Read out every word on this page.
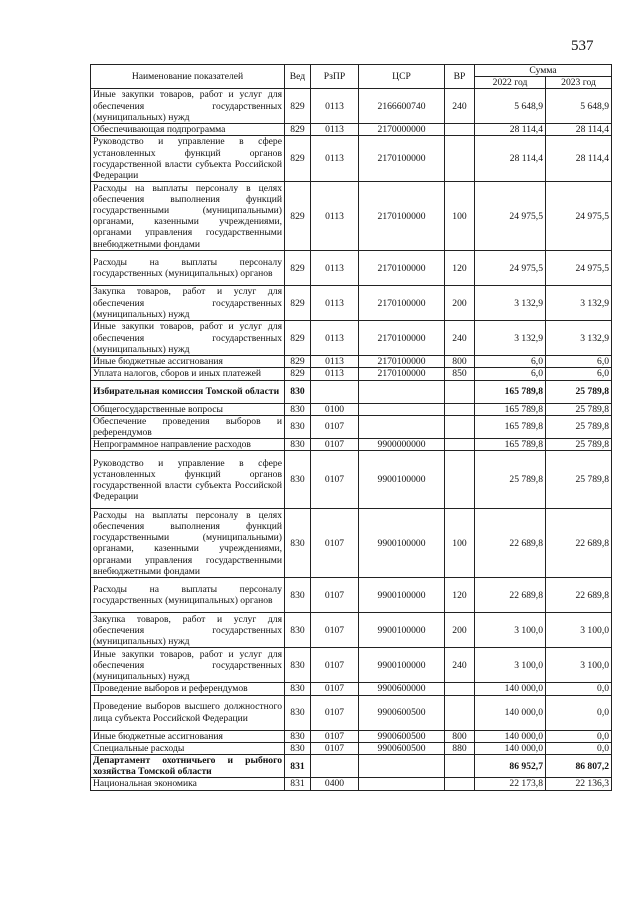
537
Наименование показателей	Вед	РзПР	ЦСР	ВР	Сумма	
					2022 год	2023 год
Иные закупки товаров, работ и услуг для обеспечения государственных (муниципальных) нужд	829	0113	2166600740	240	5 648,9	5 648,9
Обеспечивающая подпрограмма	829	0113	2170000000		28 114,4	28 114,4
Руководство и управление в сфере установленных функций органов государственной власти субъекта Российской Федерации	829	0113	2170100000		28 114,4	28 114,4
Расходы на выплаты персоналу в целях обеспечения выполнения функций государственными (муниципальными) органами, казенными учреждениями, органами управления государственными внебюджетными фондами	829	0113	2170100000	100	24 975,5	24 975,5
Расходы на выплаты персоналу государственных (муниципальных) органов	829	0113	2170100000	120	24 975,5	24 975,5
Закупка товаров, работ и услуг для обеспечения государственных (муниципальных) нужд	829	0113	2170100000	200	3 132,9	3 132,9
Иные закупки товаров, работ и услуг для обеспечения государственных (муниципальных) нужд	829	0113	2170100000	240	3 132,9	3 132,9
Иные бюджетные ассигнования	829	0113	2170100000	800	6,0	6,0
Уплата налогов, сборов и иных платежей	829	0113	2170100000	850	6,0	6,0
Избирательная комиссия Томской области	830				165 789,8	25 789,8
Общегосударственные вопросы	830	0100			165 789,8	25 789,8
Обеспечение проведения выборов и референдумов	830	0107			165 789,8	25 789,8
Непрограммное направление расходов	830	0107	9900000000		165 789,8	25 789,8
Руководство и управление в сфере установленных функций органов государственной власти субъекта Российской Федерации	830	0107	9900100000		25 789,8	25 789,8
Расходы на выплаты персоналу в целях обеспечения выполнения функций государственными (муниципальными) органами, казенными учреждениями, органами управления государственными внебюджетными фондами	830	0107	9900100000	100	22 689,8	22 689,8
Расходы на выплаты персоналу государственных (муниципальных) органов	830	0107	9900100000	120	22 689,8	22 689,8
Закупка товаров, работ и услуг для обеспечения государственных (муниципальных) нужд	830	0107	9900100000	200	3 100,0	3 100,0
Иные закупки товаров, работ и услуг для обеспечения государственных (муниципальных) нужд	830	0107	9900100000	240	3 100,0	3 100,0
Проведение выборов и референдумов	830	0107	9900600000		140 000,0	0,0
Проведение выборов высшего должностного лица субъекта Российской Федерации	830	0107	9900600500		140 000,0	0,0
Иные бюджетные ассигнования	830	0107	9900600500	800	140 000,0	0,0
Специальные расходы	830	0107	9900600500	880	140 000,0	0,0
Департамент охотничьего и рыбного хозяйства Томской области	831				86 952,7	86 807,2
Национальная экономика	831	0400			22 173,8	22 136,3
